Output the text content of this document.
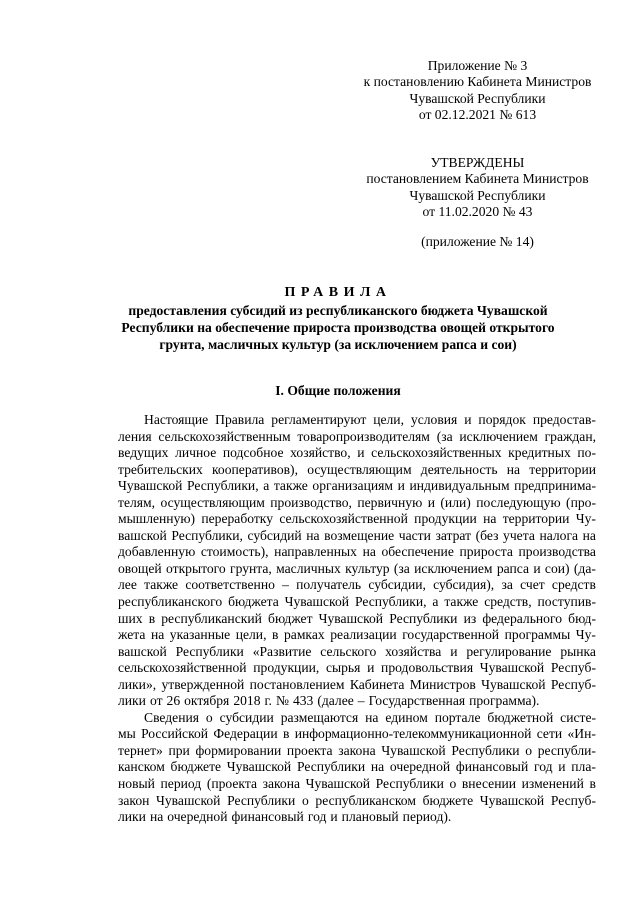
Приложение № 3
к постановлению Кабинета Министров
Чувашской Республики
от 02.12.2021 № 613
УТВЕРЖДЕНЫ
постановлением Кабинета Министров
Чувашской Республики
от 11.02.2020 № 43
(приложение № 14)
ПРАВИЛА
предоставления субсидий из республиканского бюджета Чувашской
Республики на обеспечение прироста производства овощей открытого
грунта, масличных культур (за исключением рапса и сои)
I. Общие положения
Настоящие Правила регламентируют цели, условия и порядок предостав-
ления сельскохозяйственным товаропроизводителям (за исключением граждан,
ведущих личное подсобное хозяйство, и сельскохозяйственных кредитных по-
требительских кооперативов), осуществляющим деятельность на территории
Чувашской Республики, а также организациям и индивидуальным предпринима-
телям, осуществляющим производство, первичную и (или) последующую (про-
мышленную) переработку сельскохозяйственной продукции на территории Чу-
вашской Республики, субсидий на возмещение части затрат (без учета налога на
добавленную стоимость), направленных на обеспечение прироста производства
овощей открытого грунта, масличных культур (за исключением рапса и сои) (да-
лее также соответственно – получатель субсидии, субсидия), за счет средств
республиканского бюджета Чувашской Республики, а также средств, поступив-
ших в республиканский бюджет Чувашской Республики из федерального бюд-
жета на указанные цели, в рамках реализации государственной программы Чу-
вашской Республики «Развитие сельского хозяйства и регулирование рынка
сельскохозяйственной продукции, сырья и продовольствия Чувашской Респуб-
лики», утвержденной постановлением Кабинета Министров Чувашской Респуб-
лики от 26 октября 2018 г. № 433 (далее – Государственная программа).
Сведения о субсидии размещаются на едином портале бюджетной систе-
мы Российской Федерации в информационно-телекоммуникационной сети «Ин-
тернет» при формировании проекта закона Чувашской Республики о республи-
канском бюджете Чувашской Республики на очередной финансовый год и пла-
новый период (проекта закона Чувашской Республики о внесении изменений в
закон Чувашской Республики о республиканском бюджете Чувашской Респуб-
лики на очередной финансовый год и плановый период).
